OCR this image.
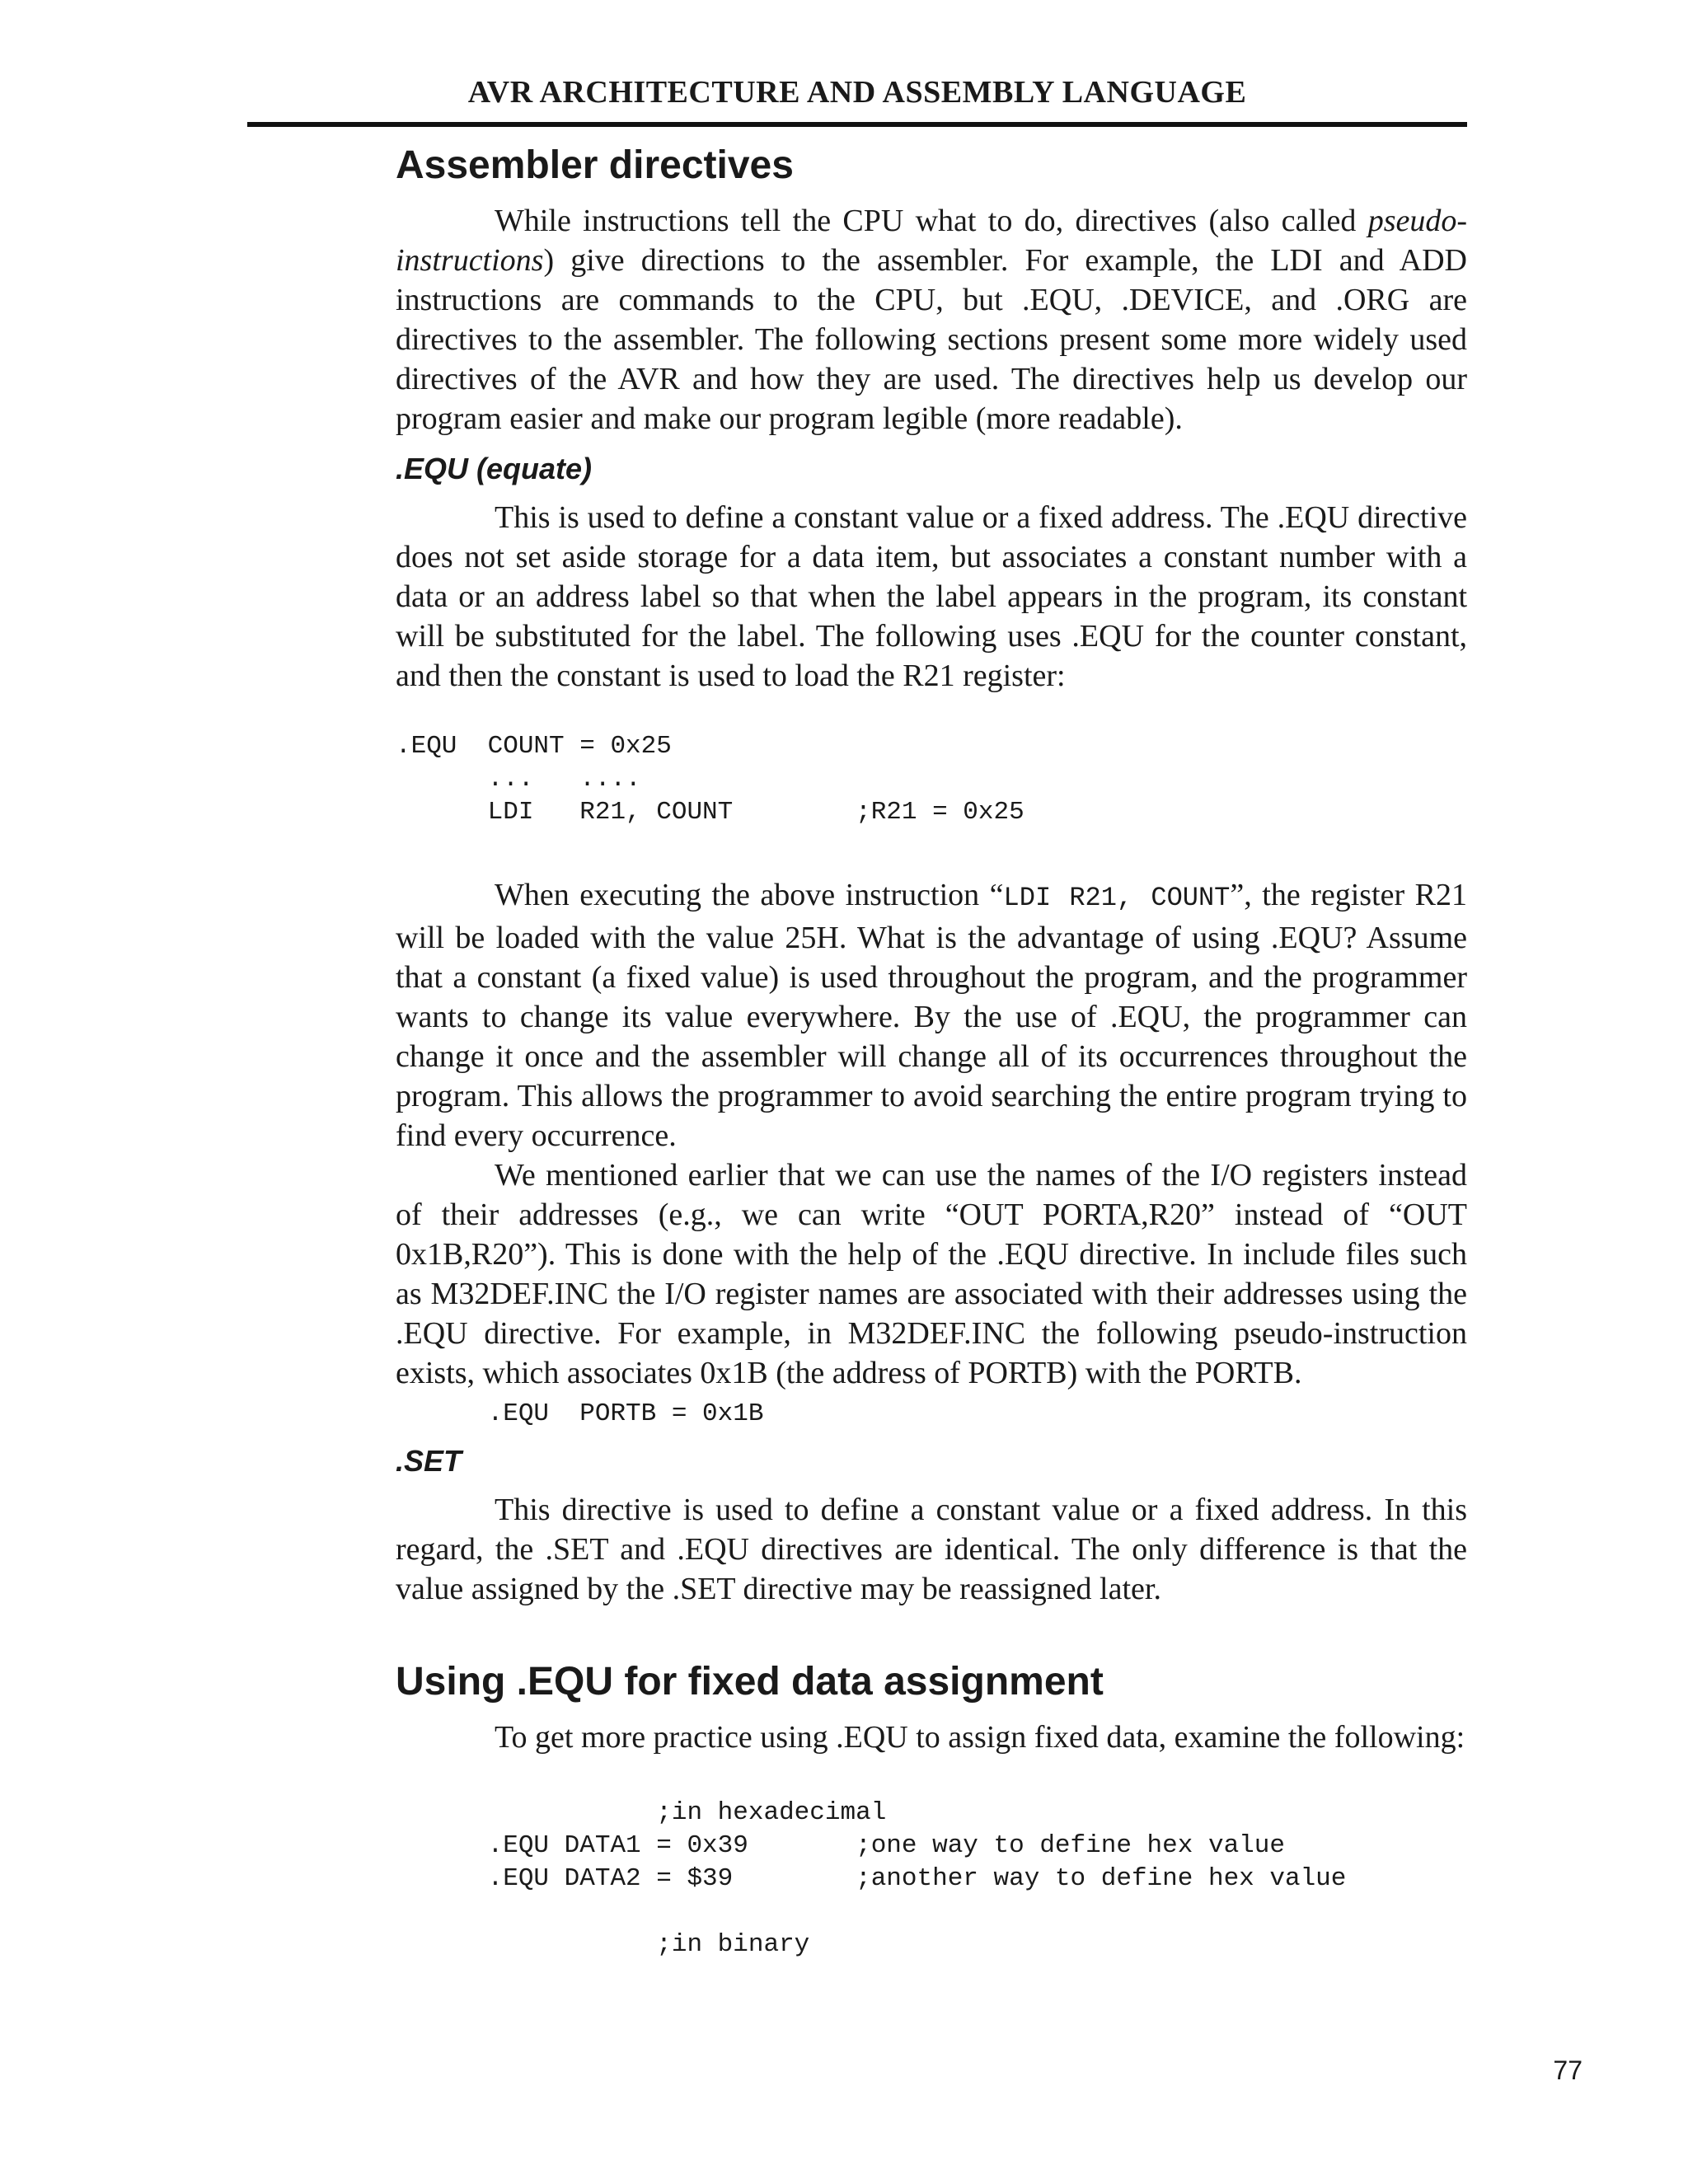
AVR ARCHITECTURE AND ASSEMBLY LANGUAGE
Assembler directives

While instructions tell the CPU what to do, directives (also called pseudo-instructions) give directions to the assembler. For example, the LDI and ADD instructions are commands to the CPU, but .EQU, .DEVICE, and .ORG are directives to the assembler. The following sections present some more widely used directives of the AVR and how they are used. The directives help us develop our program easier and make our program legible (more readable).

.EQU (equate)

This is used to define a constant value or a fixed address. The .EQU directive does not set aside storage for a data item, but associates a constant number with a data or an address label so that when the label appears in the program, its constant will be substituted for the label. The following uses .EQU for the counter constant, and then the constant is used to load the R21 register:

.EQU  COUNT = 0x25
...   ....
LDI   R21, COUNT        ;R21 = 0x25

When executing the above instruction “LDI R21, COUNT”, the register R21 will be loaded with the value 25H. What is the advantage of using .EQU? Assume that a constant (a fixed value) is used throughout the program, and the programmer wants to change its value everywhere. By the use of .EQU, the programmer can change it once and the assembler will change all of its occurrences throughout the program. This allows the programmer to avoid searching the entire program trying to find every occurrence.

We mentioned earlier that we can use the names of the I/O registers instead of their addresses (e.g., we can write “OUT PORTA,R20” instead of “OUT 0x1B,R20”). This is done with the help of the .EQU directive. In include files such as M32DEF.INC the I/O register names are associated with their addresses using the .EQU directive. For example, in M32DEF.INC the following pseudo-instruction exists, which associates 0x1B (the address of PORTB) with the PORTB.

.EQU  PORTB = 0x1B
.SET

This directive is used to define a constant value or a fixed address. In this regard, the .SET and .EQU directives are identical. The only difference is that the value assigned by the .SET directive may be reassigned later.

Using .EQU for fixed data assignment

To get more practice using .EQU to assign fixed data, examine the following:

;in hexadecimal
.EQU DATA1 = 0x39       ;one way to define hex value
.EQU DATA2 = $39        ;another way to define hex value

;in binary
77
